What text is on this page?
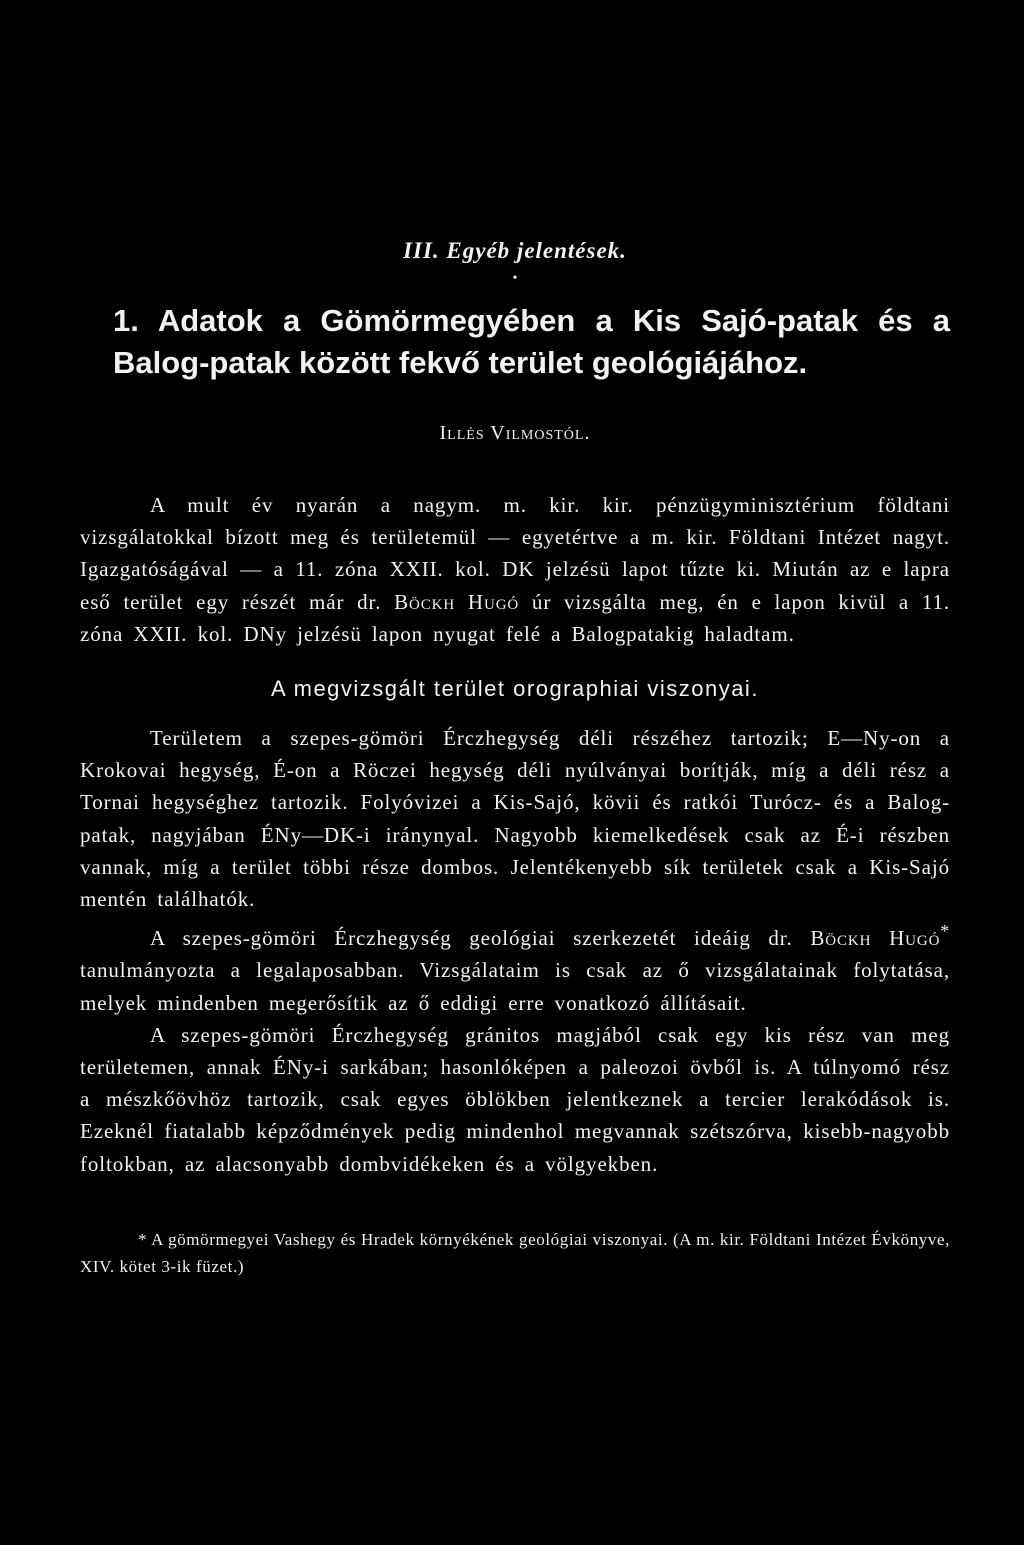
III. Egyéb jelentések.
•
1. Adatok a Gömörmegyében a Kis Sajó-patak és a Balog-patak között fekvő terület geológiájához.
Illés Vilmostól.

A mult év nyarán a nagym. m. kir. kir. pénzügyminisztérium földtani vizsgálatokkal bízott meg és területemül — egyetértve a m. kir. Földtani Intézet nagyt. Igazgatóságával — a 11. zóna XXII. kol. DK jelzésü lapot tűzte ki. Miután az e lapra eső terület egy részét már dr. Böckh Hugó úr vizsgálta meg, én e lapon kivül a 11. zóna XXII. kol. DNy jelzésü lapon nyugat felé a Balogpatakig haladtam.

A megvizsgált terület orographiai viszonyai.

Területem a szepes-gömöri Érczhegység déli részéhez tartozik; E—Ny-on a Krokovai hegység, É-on a Röczei hegység déli nyúlványai borítják, míg a déli rész a Tornai hegységhez tartozik. Folyóvizei a Kis-Sajó, kövii és ratkói Turócz- és a Balog-patak, nagyjában ÉNy—DK-i iránynyal. Nagyobb kiemelkedések csak az É-i részben vannak, míg a terület többi része dombos. Jelentékenyebb sík területek csak a Kis-Sajó mentén találhatók.

A szepes-gömöri Érczhegység geológiai szerkezetét ideáig dr. Böckh Hugó* tanulmányozta a legalaposabban. Vizsgálataim is csak az ő vizsgálatainak folytatása, melyek mindenben megerősítik az ő eddigi erre vonatkozó állításait.

A szepes-gömöri Érczhegység gránitos magjából csak egy kis rész van meg területemen, annak ÉNy-i sarkában; hasonlóképen a paleozoi övből is. A túlnyomó rész a mészkőövhöz tartozik, csak egyes öblökben jelentkeznek a tercier lerakódások is. Ezeknél fiatalabb képződmények pedig mindenhol megvannak szétszórva, kisebb-nagyobb foltokban, az alacsonyabb dombvidékeken és a völgyekben.

* A gömörmegyei Vashegy és Hradek környékének geológiai viszonyai. (A m. kir. Földtani Intézet Évkönyve, XIV. kötet 3-ik füzet.)
